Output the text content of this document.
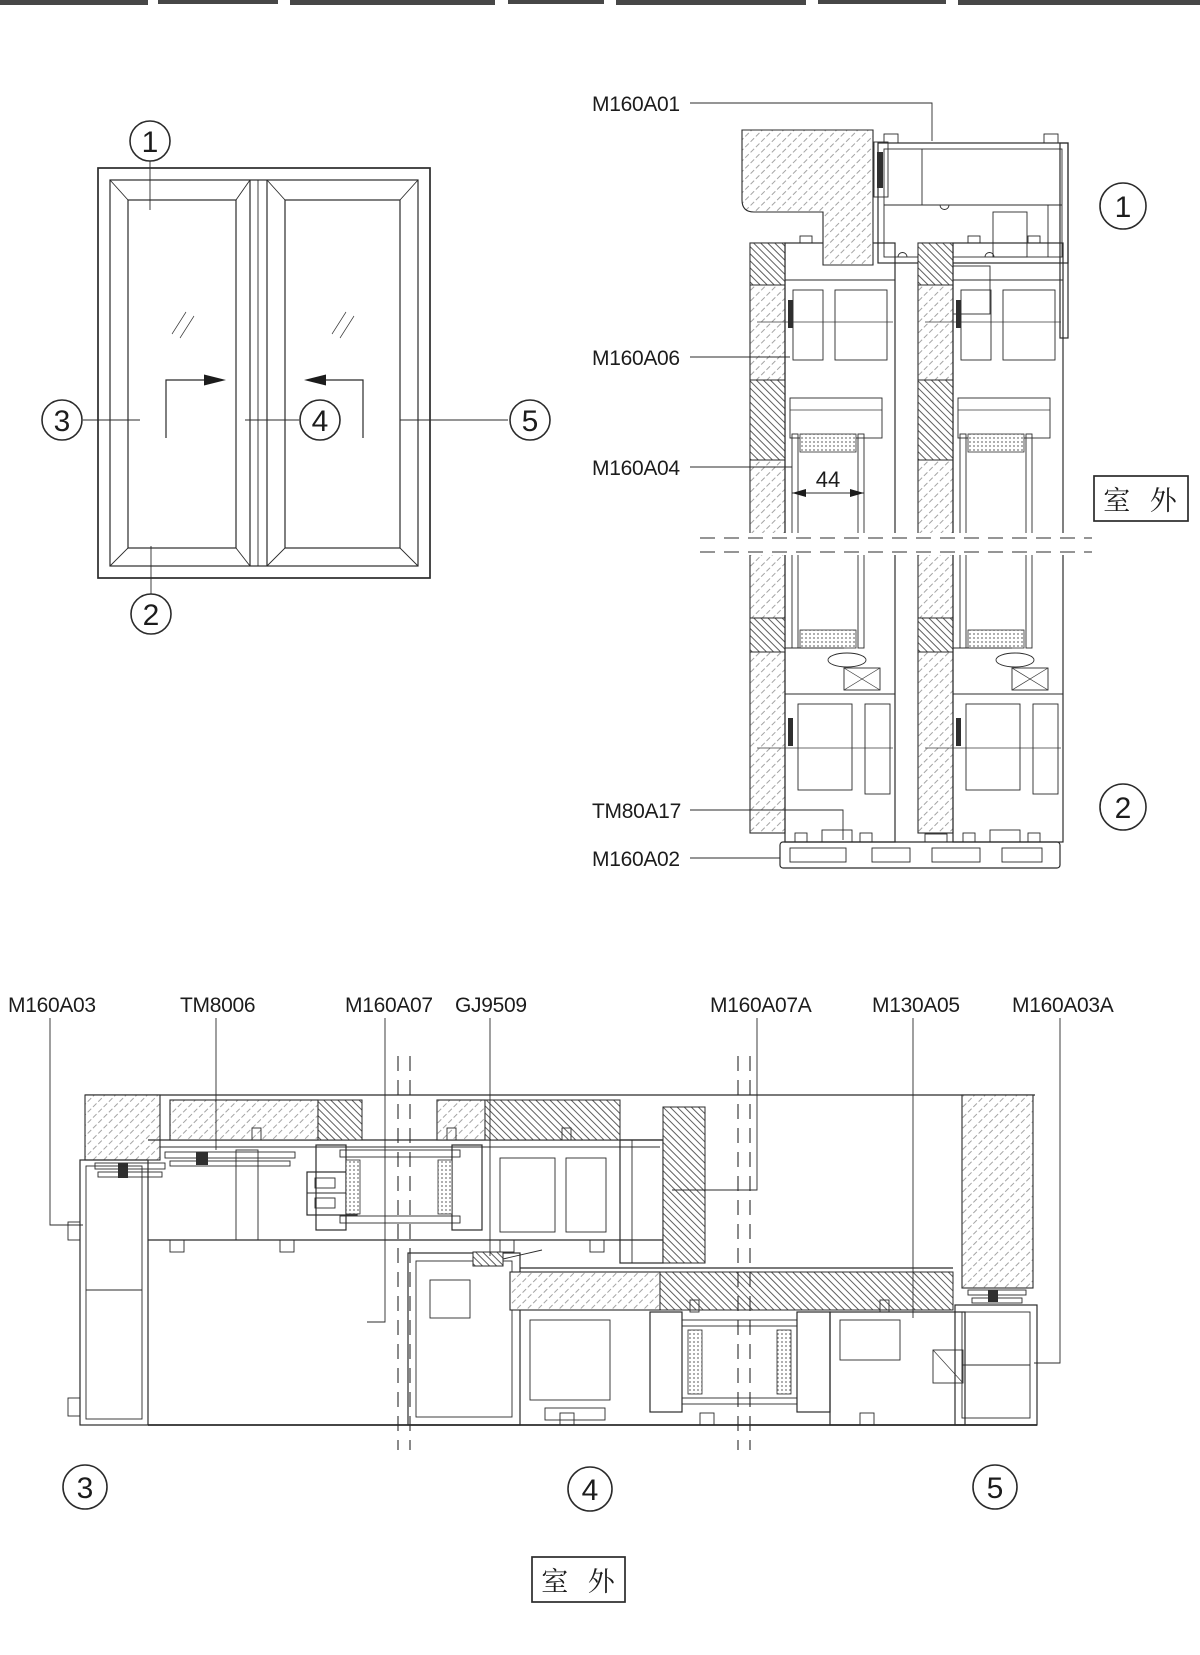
1
2
3	4	5
44
M160A01
M160A06
M160A04
TM80A17
M160A02
室 外
1
2
M160A03	TM8006	M160A07 GJ9509	M160A07A	M130A05 M160A03A
3	4	5
室 外
